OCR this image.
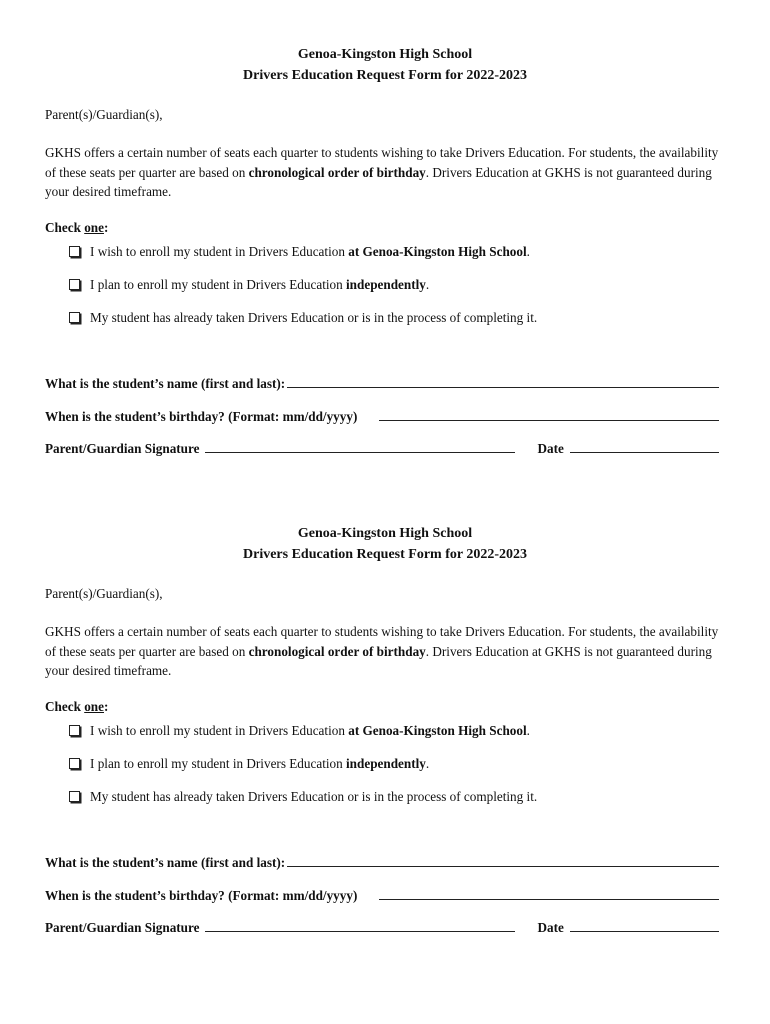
Genoa-Kingston High School
Drivers Education Request Form for 2022-2023
Parent(s)/Guardian(s),
GKHS offers a certain number of seats each quarter to students wishing to take Drivers Education. For students, the availability of these seats per quarter are based on chronological order of birthday. Drivers Education at GKHS is not guaranteed during your desired timeframe.
Check one:
I wish to enroll my student in Drivers Education at Genoa-Kingston High School.
I plan to enroll my student in Drivers Education independently.
My student has already taken Drivers Education or is in the process of completing it.
What is the student’s name (first and last):
When is the student’s birthday? (Format: mm/dd/yyyy)
Parent/Guardian Signature	Date
Genoa-Kingston High School
Drivers Education Request Form for 2022-2023
Parent(s)/Guardian(s),
GKHS offers a certain number of seats each quarter to students wishing to take Drivers Education. For students, the availability of these seats per quarter are based on chronological order of birthday. Drivers Education at GKHS is not guaranteed during your desired timeframe.
Check one:
I wish to enroll my student in Drivers Education at Genoa-Kingston High School.
I plan to enroll my student in Drivers Education independently.
My student has already taken Drivers Education or is in the process of completing it.
What is the student’s name (first and last):
When is the student’s birthday? (Format: mm/dd/yyyy)
Parent/Guardian Signature	Date
